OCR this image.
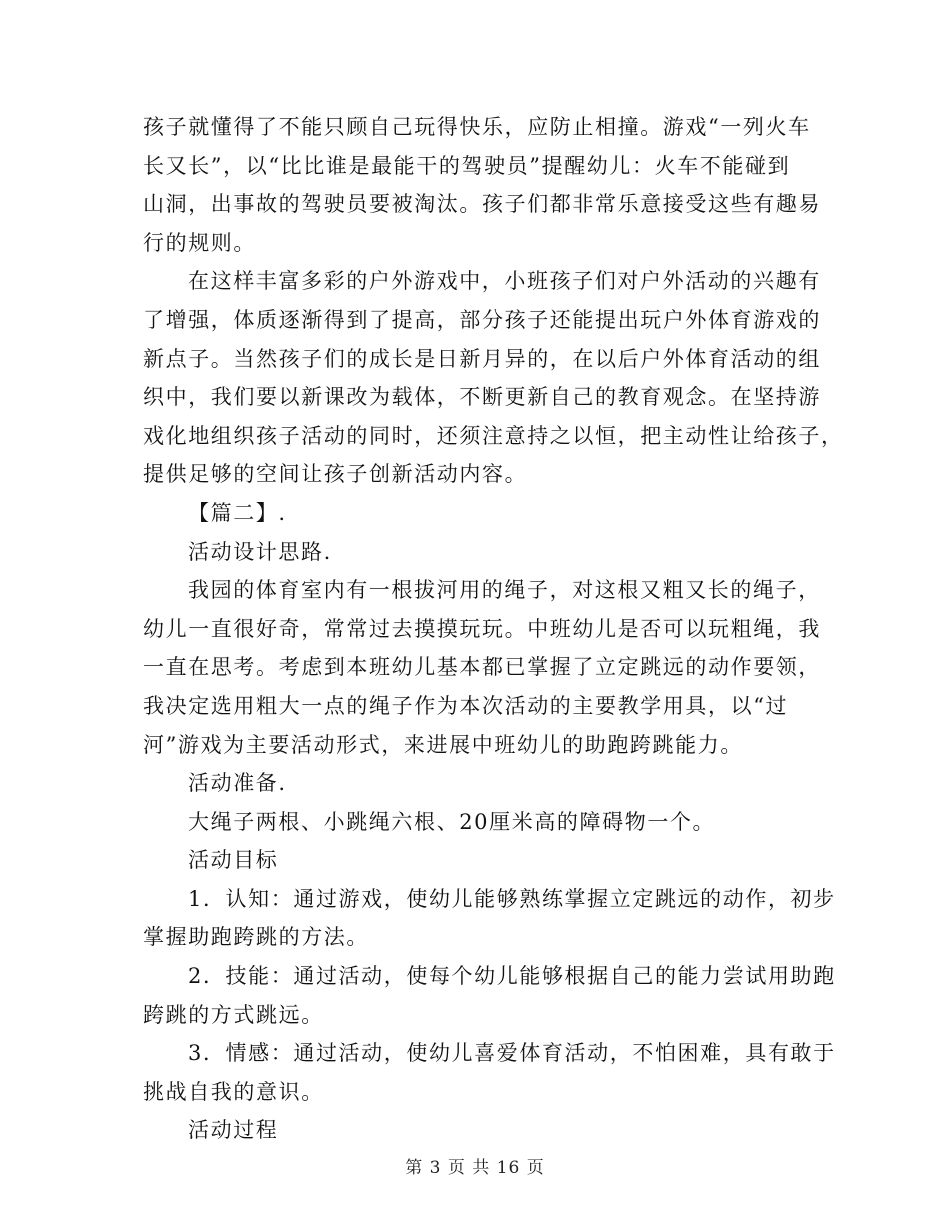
孩子就懂得了不能只顾自己玩得快乐，应防止相撞。游戏“一列火车
长又长”，以“比比谁是最能干的驾驶员”提醒幼儿：火车不能碰到
山洞，出事故的驾驶员要被淘汰。孩子们都非常乐意接受这些有趣易
行的规则。
在这样丰富多彩的户外游戏中，小班孩子们对户外活动的兴趣有
了增强，体质逐渐得到了提高，部分孩子还能提出玩户外体育游戏的
新点子。当然孩子们的成长是日新月异的，在以后户外体育活动的组
织中，我们要以新课改为载体，不断更新自己的教育观念。在坚持游
戏化地组织孩子活动的同时，还须注意持之以恒，把主动性让给孩子，
提供足够的空间让孩子创新活动内容。
【篇二】.
活动设计思路.
我园的体育室内有一根拔河用的绳子，对这根又粗又长的绳子，
幼儿一直很好奇，常常过去摸摸玩玩。中班幼儿是否可以玩粗绳，我
一直在思考。考虑到本班幼儿基本都已掌握了立定跳远的动作要领，
我决定选用粗大一点的绳子作为本次活动的主要教学用具，以“过
河”游戏为主要活动形式，来进展中班幼儿的助跑跨跳能力。
活动准备.
大绳子两根、小跳绳六根、20厘米高的障碍物一个。
活动目标
1．认知：通过游戏，使幼儿能够熟练掌握立定跳远的动作，初步
掌握助跑跨跳的方法。
2．技能：通过活动，使每个幼儿能够根据自己的能力尝试用助跑
跨跳的方式跳远。
3．情感：通过活动，使幼儿喜爱体育活动，不怕困难，具有敢于
挑战自我的意识。
活动过程
第 3 页 共 16 页
